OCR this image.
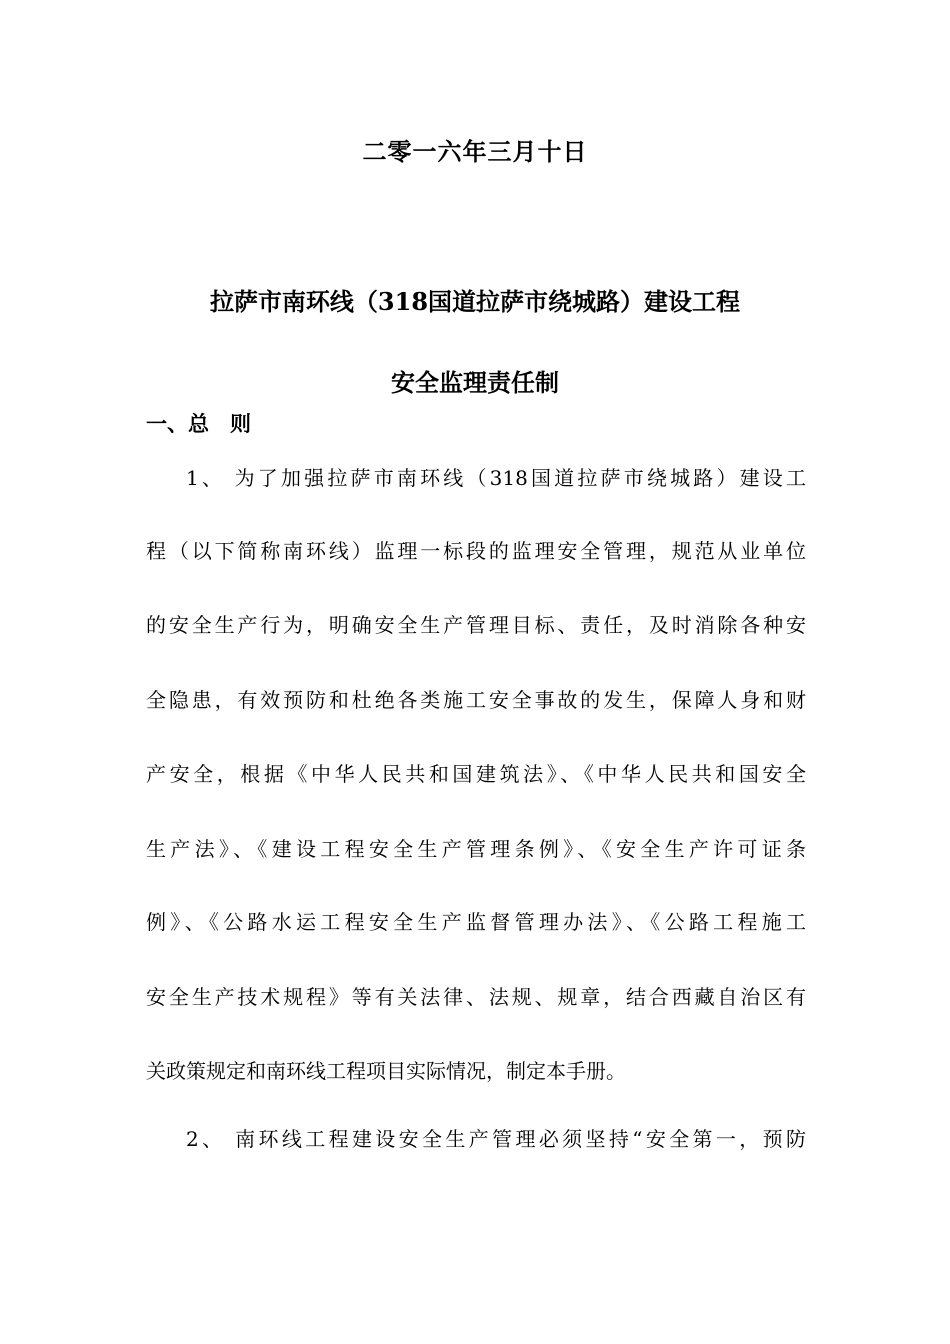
二零一六年三月十日
拉萨市南环线（318国道拉萨市绕城路）建设工程
安全监理责任制
一、总　则
1、 为了加强拉萨市南环线（318国道拉萨市绕城路）建设工
程（以下简称南环线）监理一标段的监理安全管理，规范从业单位
的安全生产行为，明确安全生产管理目标、责任，及时消除各种安
全隐患，有效预防和杜绝各类施工安全事故的发生，保障人身和财
产安全，根据《中华人民共和国建筑法》、《中华人民共和国安全
生产法》、《建设工程安全生产管理条例》、《安全生产许可证条
例》、《公路水运工程安全生产监督管理办法》、《公路工程施工
安全生产技术规程》等有关法律、法规、规章，结合西藏自治区有
关政策规定和南环线工程项目实际情况，制定本手册。
2、 南环线工程建设安全生产管理必须坚持“安全第一，预防
